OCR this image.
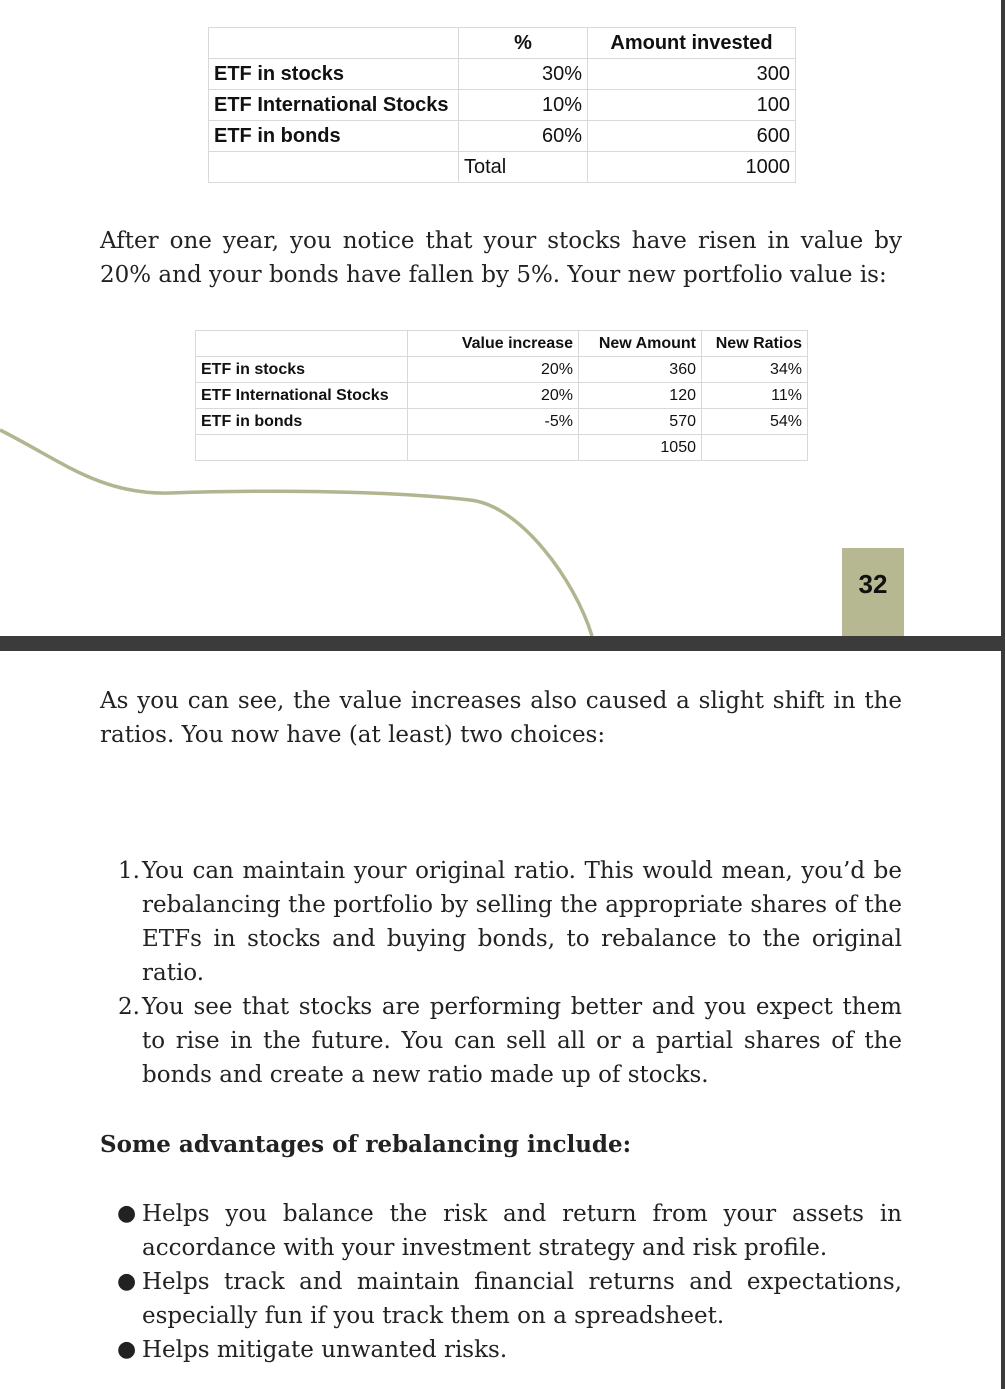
	%	Amount invested
ETF in stocks	30%	300
ETF International Stocks	10%	100
ETF in bonds	60%	600
	Total	1000

After one year, you notice that your stocks have risen in value by 20% and your bonds have fallen by 5%. Your new portfolio value is:

	Value increase	New Amount	New Ratios
ETF in stocks	20%	360	34%
ETF International Stocks	20%	120	11%
ETF in bonds	-5%	570	54%
		1050	
32

As you can see, the value increases also caused a slight shift in the ratios. You now have (at least) two choices:

1. You can maintain your original ratio. This would mean, you’d be rebalancing the portfolio by selling the appropriate shares of the ETFs in stocks and buying bonds, to rebalance to the original ratio.
2. You see that stocks are performing better and you expect them to rise in the future. You can sell all or a partial shares of the bonds and create a new ratio made up of stocks.

Some advantages of rebalancing include:

● Helps you balance the risk and return from your assets in accordance with your investment strategy and risk profile.
● Helps track and maintain financial returns and expectations, especially fun if you track them on a spreadsheet.
● Helps mitigate unwanted risks.
